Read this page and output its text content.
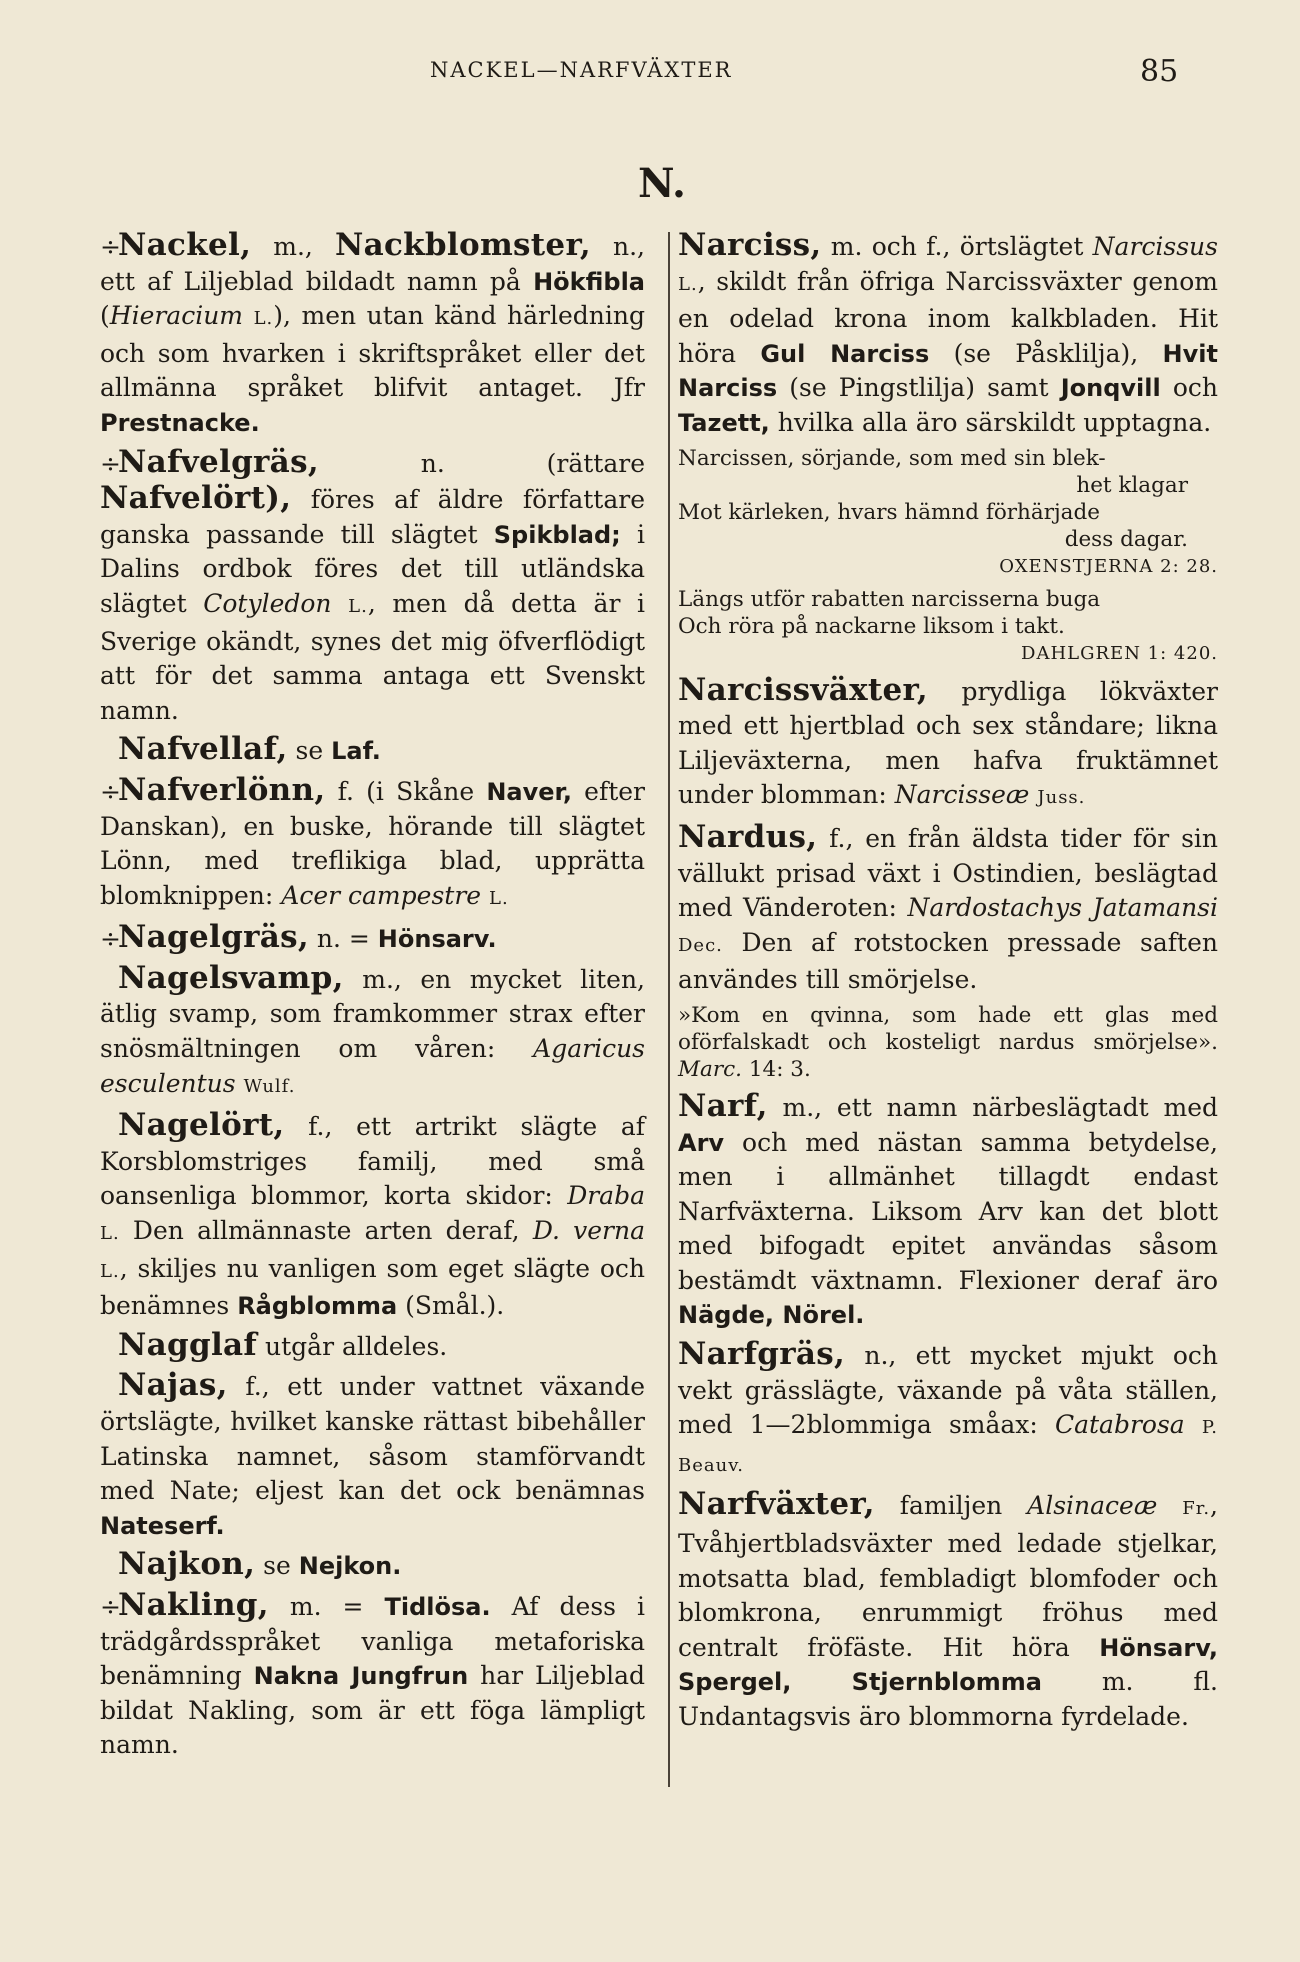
NACKEL—NARFVÄXTER	85
N.

÷Nackel, m., Nackblomster, n., ett af Liljeblad bildadt namn på Hökfibla (Hieracium L.), men utan känd härledning och som hvarken i skriftspråket eller det allmänna språket blifvit antaget. Jfr Prestnacke.

÷Nafvelgräs, n. (rättare Nafvelört), föres af äldre författare ganska passande till slägtet Spikblad; i Dalins ordbok föres det till utländska slägtet Cotyledon L., men då detta är i Sverige okändt, synes det mig öfverflödigt att för det samma antaga ett Svenskt namn.

Nafvellaf, se Laf.

÷Nafverlönn, f. (i Skåne Naver, efter Danskan), en buske, hörande till slägtet Lönn, med treflikiga blad, upprätta blomknippen: Acer campestre L.

÷Nagelgräs, n. = Hönsarv.

Nagelsvamp, m., en mycket liten, ätlig svamp, som framkommer strax efter snösmältningen om våren: Agaricus esculentus Wulf.

Nagelört, f., ett artrikt slägte af Korsblomstriges familj, med små oansenliga blommor, korta skidor: Draba L. Den allmännaste arten deraf, D. verna L., skiljes nu vanligen som eget slägte och benämnes Rågblomma (Smål.).

Nagglaf utgår alldeles.

Najas, f., ett under vattnet växande örtslägte, hvilket kanske rättast bibehåller Latinska namnet, såsom stamförvandt med Nate; eljest kan det ock benämnas Nateserf.

Najkon, se Nejkon.

÷Nakling, m. = Tidlösa. Af dess i trädgårdsspråket vanliga metaforiska benämning Nakna Jungfrun har Liljeblad bildat Nakling, som är ett föga lämpligt namn.

Narciss, m. och f., örtslägtet Narcissus L., skildt från öfriga Narcissväxter genom en odelad krona inom kalkbladen. Hit höra Gul Narciss (se Påsklilja), Hvit Narciss (se Pingstlilja) samt Jonqvill och Tazett, hvilka alla äro särskildt upptagna.

Narcissen, sörjande, som med sin blek-
het klagar
Mot kärleken, hvars hämnd förhärjade
dess dagar.
OXENSTJERNA 2: 28.
Längs utför rabatten narcisserna buga
Och röra på nackarne liksom i takt.
DAHLGREN 1: 420.

Narcissväxter, prydliga lökväxter med ett hjertblad och sex ståndare; likna Liljeväxterna, men hafva fruktämnet under blomman: Narcisseæ Juss.

Nardus, f., en från äldsta tider för sin vällukt prisad växt i Ostindien, beslägtad med Vänderoten: Nardostachys Jatamansi Dec. Den af rotstocken pressade saften användes till smörjelse.

»Kom en qvinna, som hade ett glas med oförfalskadt och kosteligt nardus smörjelse». Marc. 14: 3.

Narf, m., ett namn närbeslägtadt med Arv och med nästan samma betydelse, men i allmänhet tillagdt endast Narfväxterna. Liksom Arv kan det blott med bifogadt epitet användas såsom bestämdt växtnamn. Flexioner deraf äro Nägde, Nörel.

Narfgräs, n., ett mycket mjukt och vekt grässlägte, växande på våta ställen, med 1—2blommiga småax: Catabrosa P. Beauv.

Narfväxter, familjen Alsinaceæ Fr., Tvåhjertbladsväxter med ledade stjelkar, motsatta blad, fembladigt blomfoder och blomkrona, enrummigt fröhus med centralt fröfäste. Hit höra Hönsarv, Spergel, Stjernblomma m. fl. Undantagsvis äro blommorna fyrdelade.
